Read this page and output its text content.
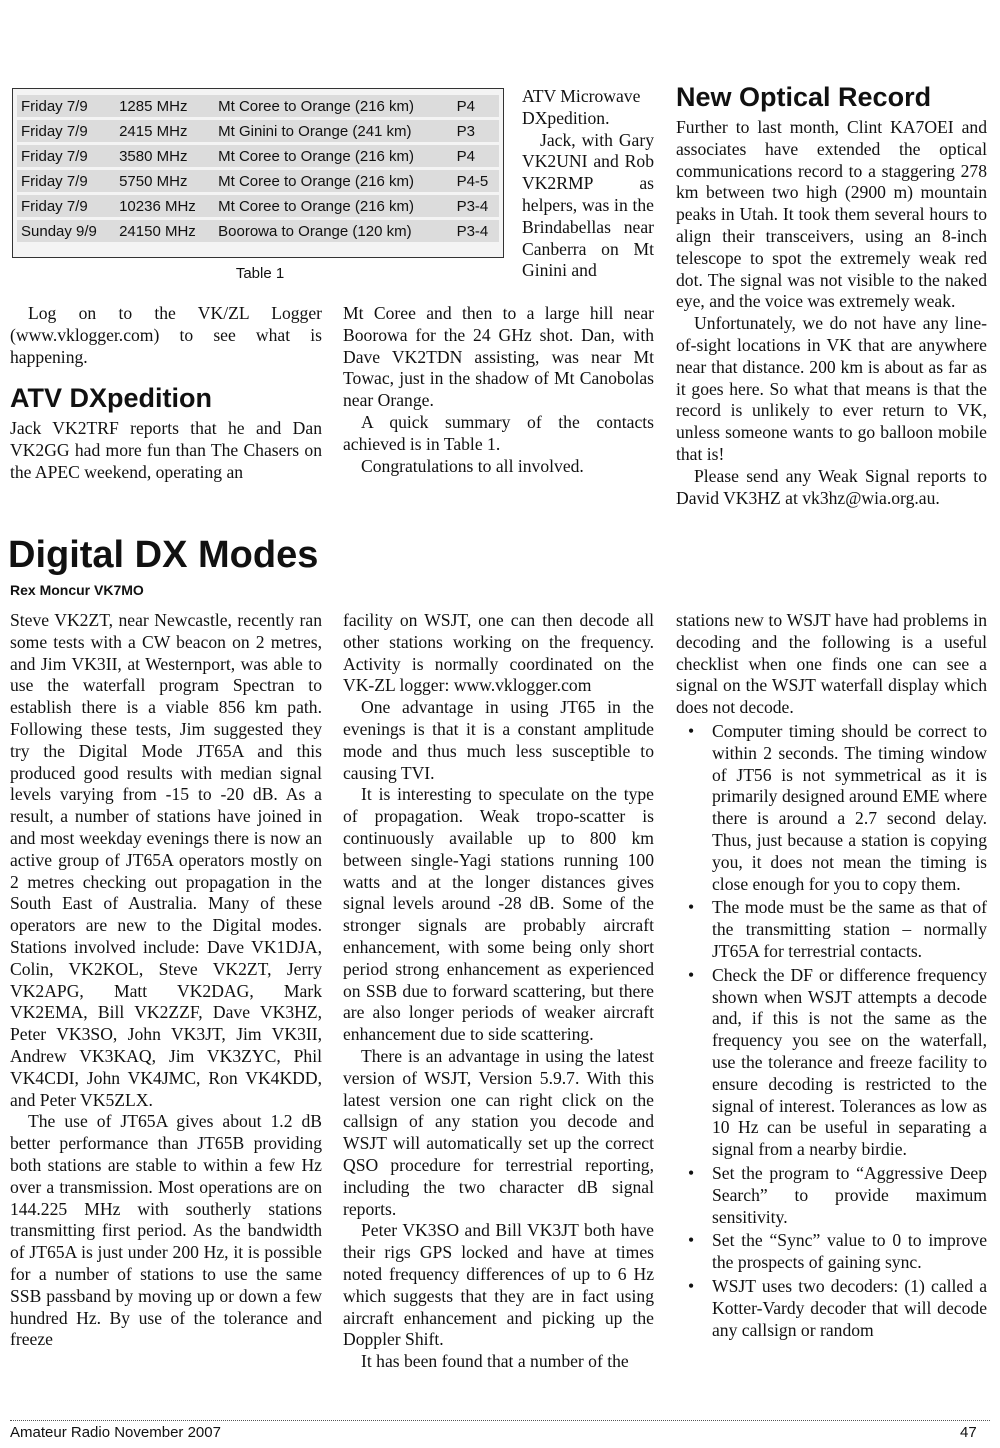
Friday 7/9	1285 MHz	Mt Coree to Orange (216 km)	P4
Friday 7/9	2415 MHz	Mt Ginini to Orange (241 km)	P3
Friday 7/9	3580 MHz	Mt Coree to Orange (216 km)	P4
Friday 7/9	5750 MHz	Mt Coree to Orange (216 km)	P4-5
Friday 7/9	10236 MHz	Mt Coree to Orange (216 km)	P3-4
Sunday 9/9	24150 MHz	Boorowa to Orange (120 km)	P3-4
Table 1

ATV Microwave DXpedition.

Jack, with Gary VK2UNI and Rob VK2RMP as helpers, was in the Brindabellas near Canberra on Mt Ginini and

Mt Coree and then to a large hill near Boorowa for the 24 GHz shot. Dan, with Dave VK2TDN assisting, was near Mt Towac, just in the shadow of Mt Canobolas near Orange.

A quick summary of the contacts achieved is in Table 1.

Congratulations to all involved.

Log on to the VK/ZL Logger (www.vklogger.com) to see what is happening.

ATV DXpedition

Jack VK2TRF reports that he and Dan VK2GG had more fun than The Chasers on the APEC weekend, operating an

New Optical Record

Further to last month, Clint KA7OEI and associates have extended the optical communications record to a staggering 278 km between two high (2900 m) mountain peaks in Utah. It took them several hours to align their transceivers, using an 8-inch telescope to spot the extremely weak red dot. The signal was not visible to the naked eye, and the voice was extremely weak.

Unfortunately, we do not have any line-of-sight locations in VK that are anywhere near that distance. 200 km is about as far as it goes here. So what that means is that the record is unlikely to ever return to VK, unless someone wants to go balloon mobile that is!

Please send any Weak Signal reports to David VK3HZ at vk3hz@wia.org.au.

Digital DX Modes
Rex Moncur VK7MO

Steve VK2ZT, near Newcastle, recently ran some tests with a CW beacon on 2 metres, and Jim VK3II, at Westernport, was able to use the waterfall program Spectran to establish there is a viable 856 km path. Following these tests, Jim suggested they try the Digital Mode JT65A and this produced good results with median signal levels varying from -15 to -20 dB. As a result, a number of stations have joined in and most weekday evenings there is now an active group of JT65A operators mostly on 2 metres checking out propagation in the South East of Australia. Many of these operators are new to the Digital modes. Stations involved include: Dave VK1DJA, Colin, VK2KOL, Steve VK2ZT, Jerry VK2APG, Matt VK2DAG, Mark VK2EMA, Bill VK2ZZF, Dave VK3HZ, Peter VK3SO, John VK3JT, Jim VK3II, Andrew VK3KAQ, Jim VK3ZYC, Phil VK4CDI, John VK4JMC, Ron VK4KDD, and Peter VK5ZLX.

The use of JT65A gives about 1.2 dB better performance than JT65B providing both stations are stable to within a few Hz over a transmission. Most operations are on 144.225 MHz with southerly stations transmitting first period. As the bandwidth of JT65A is just under 200 Hz, it is possible for a number of stations to use the same SSB passband by moving up or down a few hundred Hz. By use of the tolerance and freeze

facility on WSJT, one can then decode all other stations working on the frequency. Activity is normally coordinated on the VK-ZL logger: www.vklogger.com

One advantage in using JT65 in the evenings is that it is a constant amplitude mode and thus much less susceptible to causing TVI.

It is interesting to speculate on the type of propagation. Weak tropo-scatter is continuously available up to 800 km between single-Yagi stations running 100 watts and at the longer distances gives signal levels around -28 dB. Some of the stronger signals are probably aircraft enhancement, with some being only short period strong enhancement as experienced on SSB due to forward scattering, but there are also longer periods of weaker aircraft enhancement due to side scattering.

There is an advantage in using the latest version of WSJT, Version 5.9.7. With this latest version one can right click on the callsign of any station you decode and WSJT will automatically set up the correct QSO procedure for terrestrial reporting, including the two character dB signal reports.

Peter VK3SO and Bill VK3JT both have their rigs GPS locked and have at times noted frequency differences of up to 6 Hz which suggests that they are in fact using aircraft enhancement and picking up the Doppler Shift.

It has been found that a number of the

stations new to WSJT have had problems in decoding and the following is a useful checklist when one finds one can see a signal on the WSJT waterfall display which does not decode.

• Computer timing should be correct to within 2 seconds. The timing window of JT56 is not symmetrical as it is primarily designed around EME where there is around a 2.7 second delay. Thus, just because a station is copying you, it does not mean the timing is close enough for you to copy them.
• The mode must be the same as that of the transmitting station – normally JT65A for terrestrial contacts.
• Check the DF or difference frequency shown when WSJT attempts a decode and, if this is not the same as the frequency you see on the waterfall, use the tolerance and freeze facility to ensure decoding is restricted to the signal of interest. Tolerances as low as 10 Hz can be useful in separating a signal from a nearby birdie.
• Set the program to “Aggressive Deep Search” to provide maximum sensitivity.
• Set the “Sync” value to 0 to improve the prospects of gaining sync.
• WSJT uses two decoders: (1) called a Kotter-Vardy decoder that will decode any callsign or random
Amateur Radio November 2007	47
